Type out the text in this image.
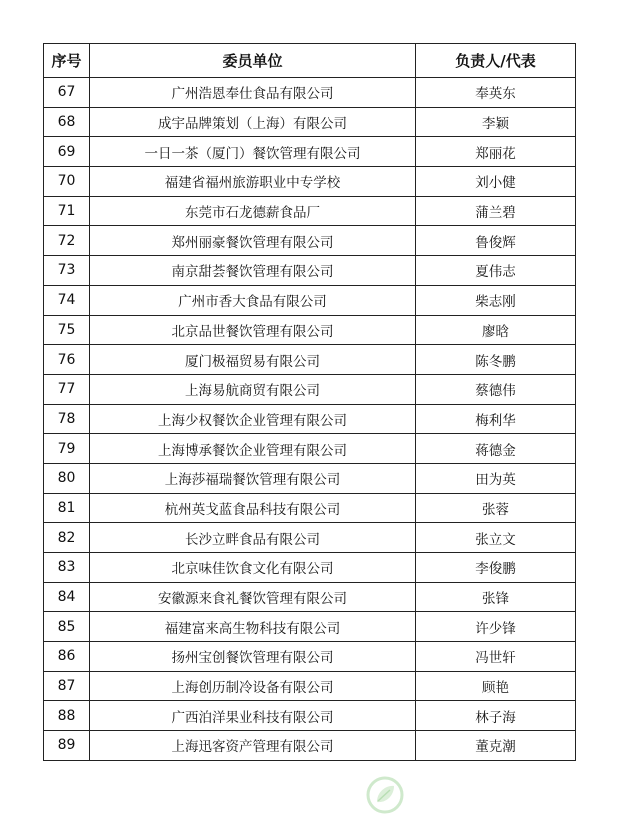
序号	委员单位	负责人/代表
67	广州浩恩奉仕食品有限公司	奉英东
68	成宇品牌策划（上海）有限公司	李颖
69	一日一茶（厦门）餐饮管理有限公司	郑丽花
70	福建省福州旅游职业中专学校	刘小健
71	东莞市石龙德薪食品厂	蒲兰碧
72	郑州丽豪餐饮管理有限公司	鲁俊辉
73	南京甜荟餐饮管理有限公司	夏伟志
74	广州市香大食品有限公司	柴志刚
75	北京品世餐饮管理有限公司	廖晗
76	厦门极福贸易有限公司	陈冬鹏
77	上海易航商贸有限公司	蔡德伟
78	上海少权餐饮企业管理有限公司	梅利华
79	上海博承餐饮企业管理有限公司	蒋德金
80	上海莎福瑞餐饮管理有限公司	田为英
81	杭州英戈蓝食品科技有限公司	张蓉
82	长沙立畔食品有限公司	张立文
83	北京味佳饮食文化有限公司	李俊鹏
84	安徽源来食礼餐饮管理有限公司	张锋
85	福建富来高生物科技有限公司	许少锋
86	扬州宝创餐饮管理有限公司	冯世轩
87	上海创历制冷设备有限公司	顾艳
88	广西泊洋果业科技有限公司	林子海
89	上海迅客资产管理有限公司	董克潮
